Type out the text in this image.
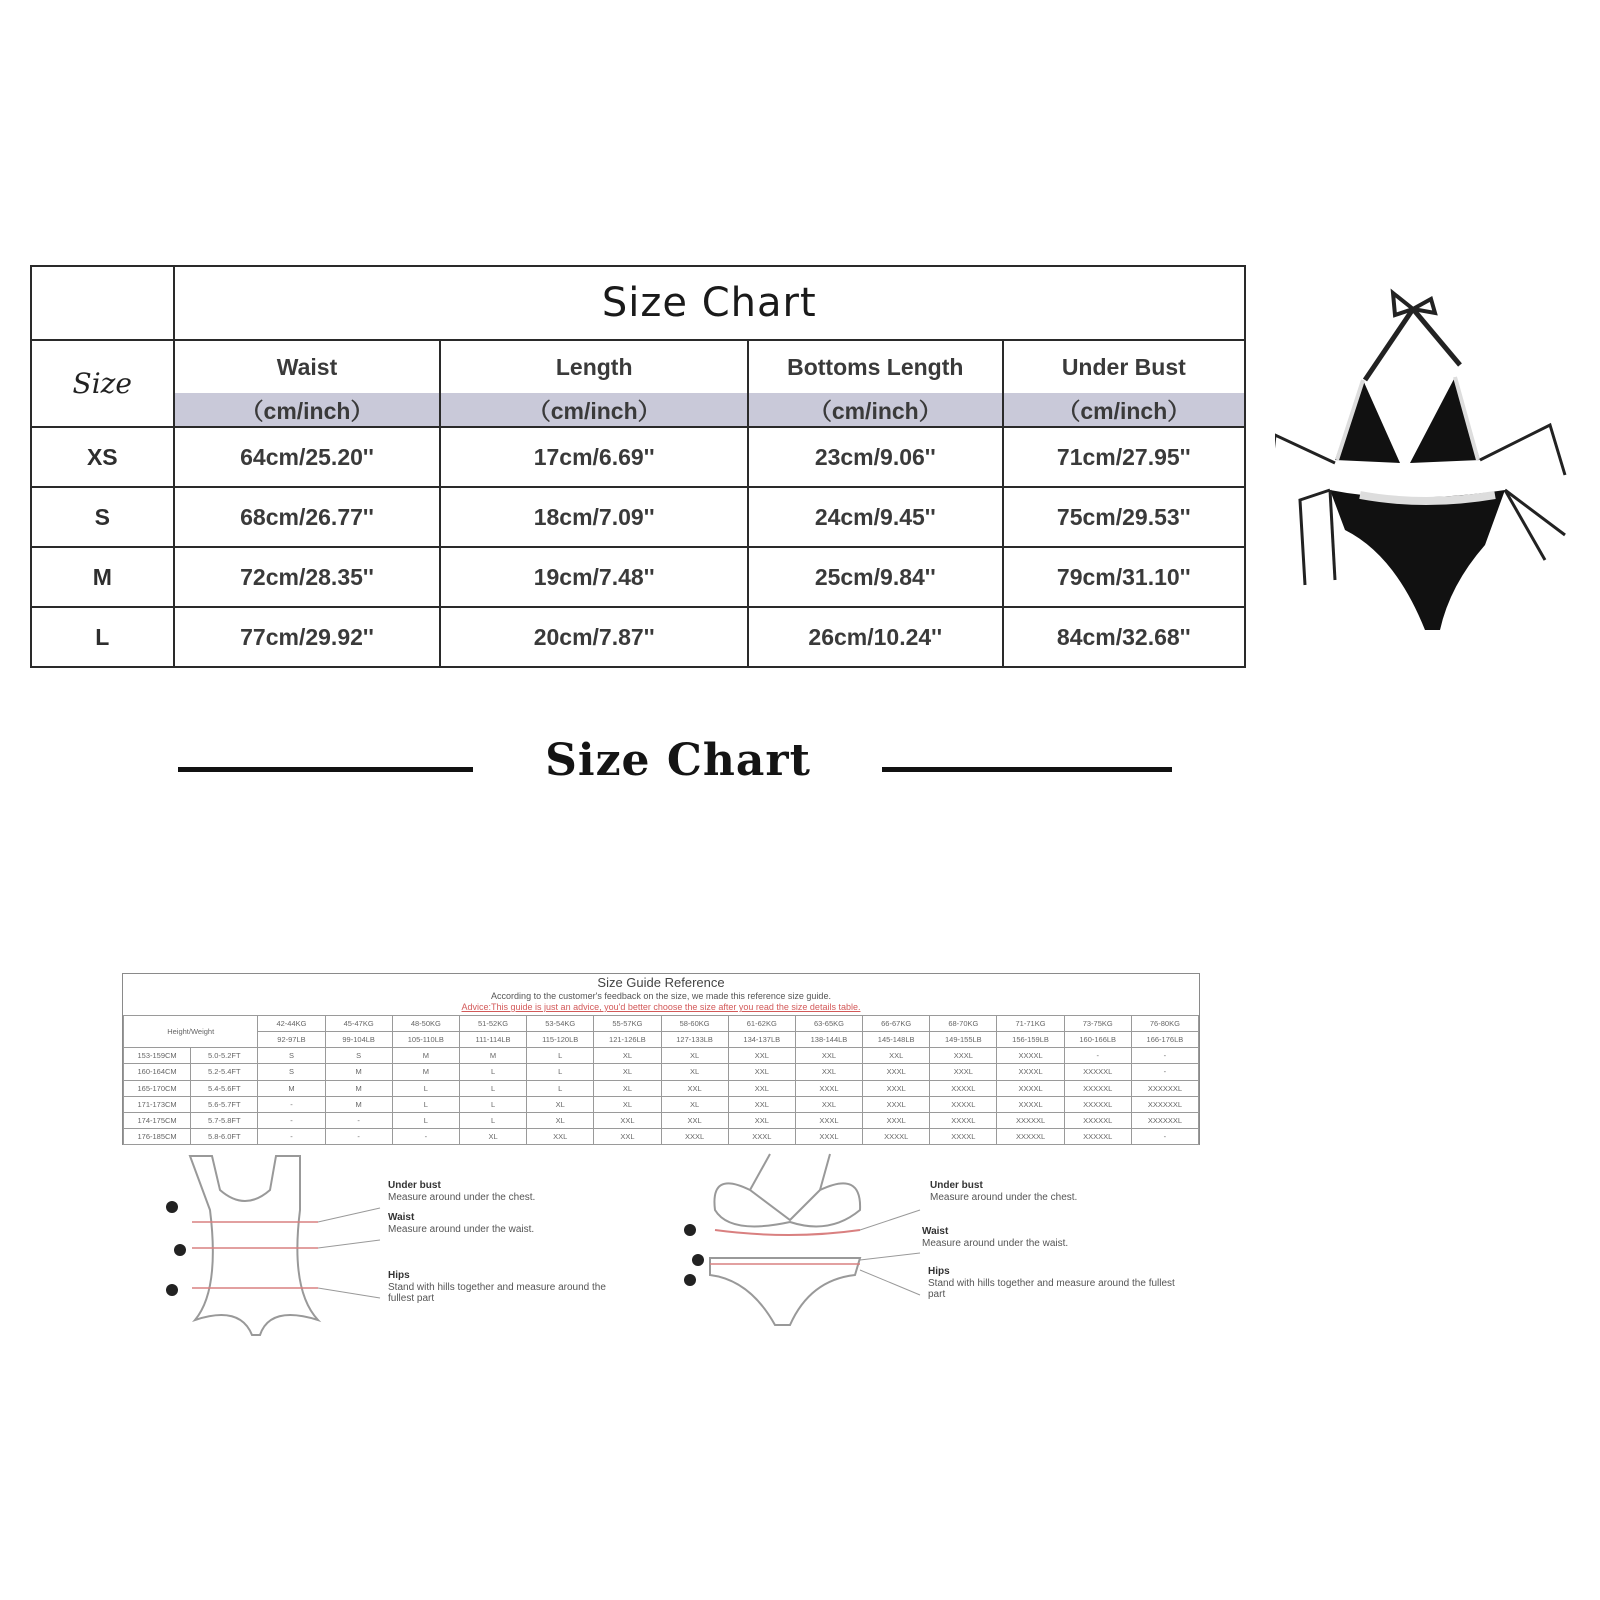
	Size Chart			
Size	Waist	Length	Bottoms Length	Under Bust
	（cm/inch）	（cm/inch）	（cm/inch）	（cm/inch）
XS	64cm/25.20''	17cm/6.69''	23cm/9.06''	71cm/27.95''
S	68cm/26.77''	18cm/7.09''	24cm/9.45''	75cm/29.53''
M	72cm/28.35''	19cm/7.48''	25cm/9.84''	79cm/31.10''
L	77cm/29.92''	20cm/7.87''	26cm/10.24''	84cm/32.68''
Size Chart
Size Guide Reference
According to the customer's feedback on the size, we made this reference size guide.
Advice:This guide is just an advice, you'd better choose the size after you read the size details table.
Height/Weight		42-44KG	45-47KG	48-50KG	51-52KG	53-54KG	55-57KG	58-60KG	61-62KG	63-65KG	66-67KG	68-70KG	71-71KG	73-75KG	76-80KG
		92-97LB	99-104LB	105-110LB	111-114LB	115-120LB	121-126LB	127-133LB	134-137LB	138-144LB	145-148LB	149-155LB	156-159LB	160-166LB	166-176LB
153-159CM	5.0-5.2FT	S	S	M	M	L	XL	XL	XXL	XXL	XXL	XXXL	XXXXL	-	-
160-164CM	5.2-5.4FT	S	M	M	L	L	XL	XL	XXL	XXL	XXXL	XXXL	XXXXL	XXXXXL	-
165-170CM	5.4-5.6FT	M	M	L	L	L	XL	XXL	XXL	XXXL	XXXL	XXXXL	XXXXL	XXXXXL	XXXXXXL
171-173CM	5.6-5.7FT	-	M	L	L	XL	XL	XL	XXL	XXL	XXXL	XXXXL	XXXXL	XXXXXL	XXXXXXL
174-175CM	5.7-5.8FT	-	-	L	L	XL	XXL	XXL	XXL	XXXL	XXXL	XXXXL	XXXXXL	XXXXXL	XXXXXXL
176-185CM	5.8-6.0FT	-	-	-	XL	XXL	XXL	XXXL	XXXL	XXXL	XXXXL	XXXXL	XXXXXL	XXXXXL	-
Under bust
Measure around under the chest.
Waist
Measure around under the waist.
Hips
Stand with hills together and measure around the fullest part
Under bust
Measure around under the chest.
Waist
Measure around under the waist.
Hips
Stand with hills together and measure around the fullest part
